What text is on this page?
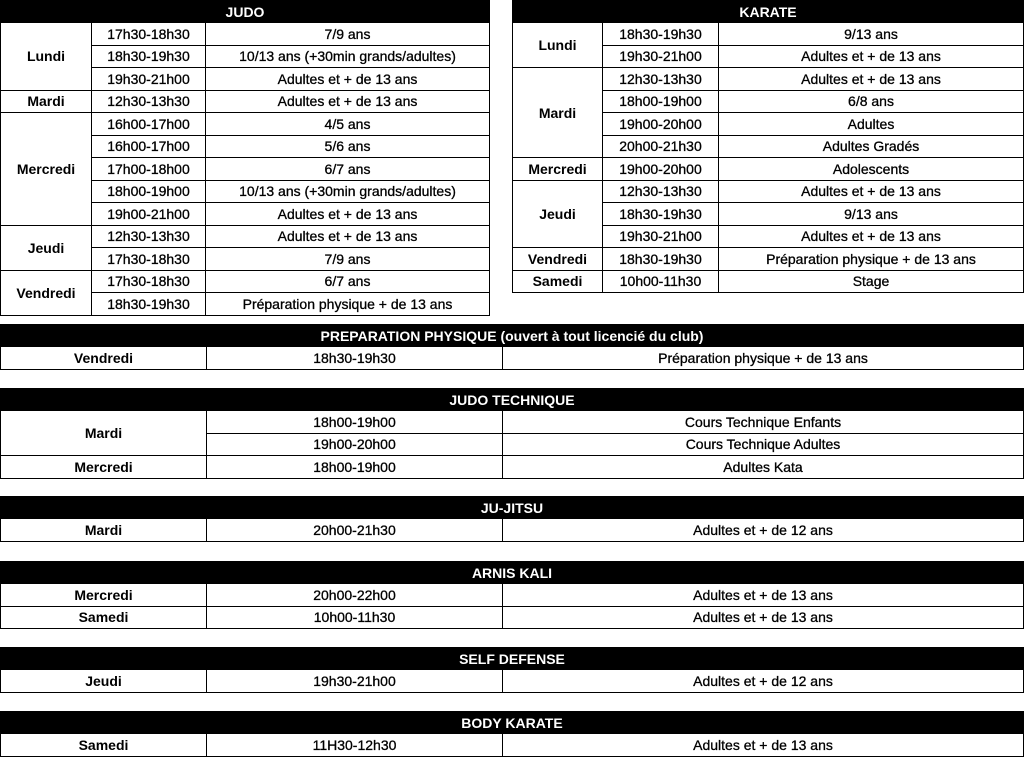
JUDO		
Lundi	17h30-18h30	7/9 ans
	18h30-19h30	10/13 ans (+30min grands/adultes)
	19h30-21h00	Adultes et + de 13 ans
Mardi	12h30-13h30	Adultes et + de 13 ans
Mercredi	16h00-17h00	4/5 ans
	16h00-17h00	5/6 ans
	17h00-18h00	6/7 ans
	18h00-19h00	10/13 ans (+30min grands/adultes)
	19h00-21h00	Adultes et + de 13 ans
Jeudi	12h30-13h30	Adultes et + de 13 ans
	17h30-18h30	7/9 ans
Vendredi	17h30-18h30	6/7 ans
	18h30-19h30	Préparation physique + de 13 ans
KARATE		
Lundi	18h30-19h30	9/13 ans
	19h30-21h00	Adultes et + de 13 ans
Mardi	12h30-13h30	Adultes et + de 13 ans
	18h00-19h00	6/8 ans
	19h00-20h00	Adultes
	20h00-21h30	Adultes Gradés
Mercredi	19h00-20h00	Adolescents
Jeudi	12h30-13h30	Adultes et + de 13 ans
	18h30-19h30	9/13 ans
	19h30-21h00	Adultes et + de 13 ans
Vendredi	18h30-19h30	Préparation physique + de 13 ans
Samedi	10h00-11h30	Stage
PREPARATION PHYSIQUE (ouvert à tout licencié du club)
Vendredi	18h30-19h30	Préparation physique + de 13 ans
JUDO TECHNIQUE		
Mardi	18h00-19h00	Cours Technique Enfants
	19h00-20h00	Cours Technique Adultes
Mercredi	18h00-19h00	Adultes Kata
JU-JITSU
Mardi	20h00-21h30	Adultes et + de 12 ans
ARNIS KALI		
Mercredi	20h00-22h00	Adultes et + de 13 ans
Samedi	10h00-11h30	Adultes et + de 13 ans
SELF DEFENSE
Jeudi	19h30-21h00	Adultes et + de 12 ans
BODY KARATE
Samedi	11H30-12h30	Adultes et + de 13 ans
